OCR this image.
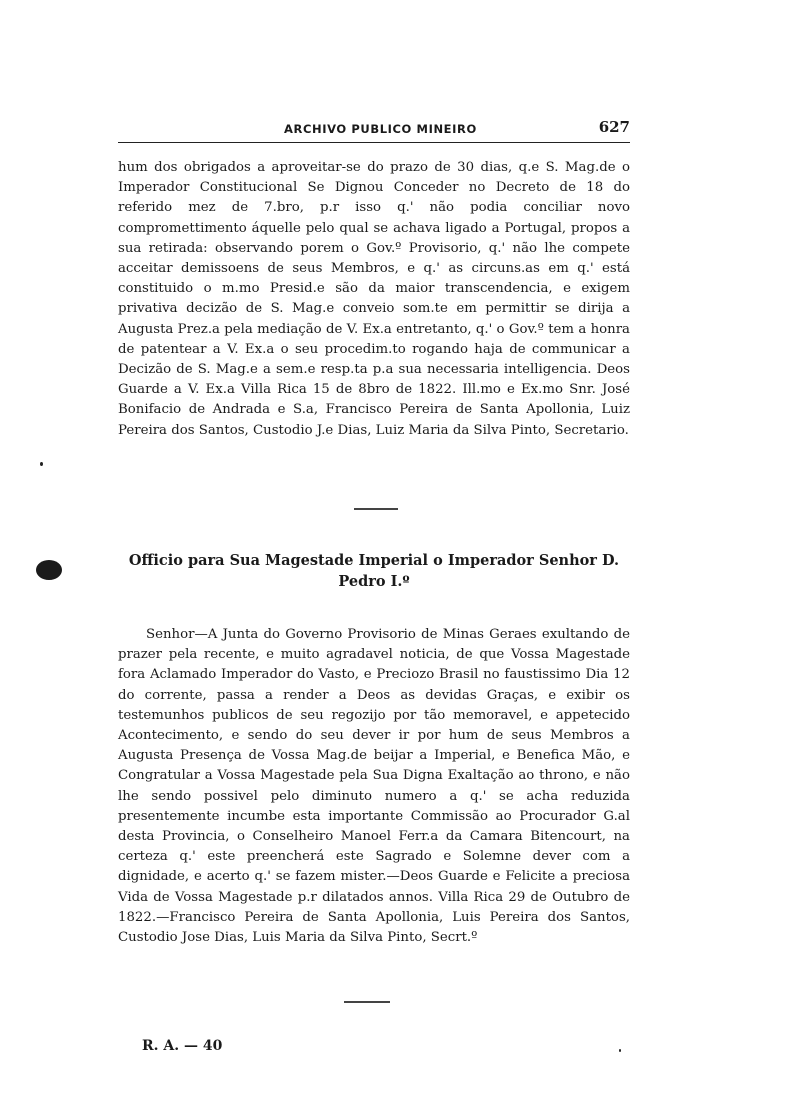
ARCHIVO PUBLICO MINEIRO	627
hum dos obrigados a aproveitar-se do prazo de 30 dias, q.e S. Mag.de o Imperador Constitucional Se Dignou Conceder no Decreto de 18 do referido mez de 7.bro, p.r isso q.' não podia conciliar novo compromettimento áquelle pelo qual se achava ligado a Portugal, propos a sua retirada: observando porem o Gov.º Provisorio, q.' não lhe compete acceitar demissoens de seus Membros, e q.' as circuns.as em q.' está constituido o m.mo Presid.e são da maior transcendencia, e exigem privativa decizão de S. Mag.e conveio som.te em permittir se dirija a Augusta Prez.a pela mediação de V. Ex.a entretanto, q.' o Gov.º tem a honra de patentear a V. Ex.a o seu procedim.to rogando haja de communicar a Decizão de S. Mag.e a sem.e resp.ta p.a sua necessaria intelligencia. Deos Guarde a V. Ex.a Villa Rica 15 de 8bro de 1822. Ill.mo e Ex.mo Snr. José Bonifacio de Andrada e S.a, Francisco Pereira de Santa Apollonia, Luiz Pereira dos Santos, Custodio J.e Dias, Luiz Maria da Silva Pinto, Secretario.
Officio para Sua Magestade Imperial o Imperador Senhor D. Pedro I.º
Senhor—A Junta do Governo Provisorio de Minas Geraes exultando de prazer pela recente, e muito agradavel noticia, de que Vossa Magestade fora Aclamado Imperador do Vasto, e Preciozo Brasil no faustissimo Dia 12 do corrente, passa a render a Deos as devidas Graças, e exibir os testemunhos publicos de seu regozijo por tão memoravel, e appetecido Acontecimento, e sendo do seu dever ir por hum de seus Membros a Augusta Presença de Vossa Mag.de beijar a Imperial, e Benefica Mão, e Congratular a Vossa Magestade pela Sua Digna Exaltação ao throno, e não lhe sendo possivel pelo diminuto numero a q.' se acha reduzida presentemente incumbe esta importante Commissão ao Procurador G.al desta Provincia, o Conselheiro Manoel Ferr.a da Camara Bitencourt, na certeza q.' este preencherá este Sagrado e Solemne dever com a dignidade, e acerto q.' se fazem mister.—Deos Guarde e Felicite a preciosa Vida de Vossa Magestade p.r dilatados annos. Villa Rica 29 de Outubro de 1822.—Francisco Pereira de Santa Apollonia, Luis Pereira dos Santos, Custodio Jose Dias, Luis Maria da Silva Pinto, Secrt.º
R. A. — 40
